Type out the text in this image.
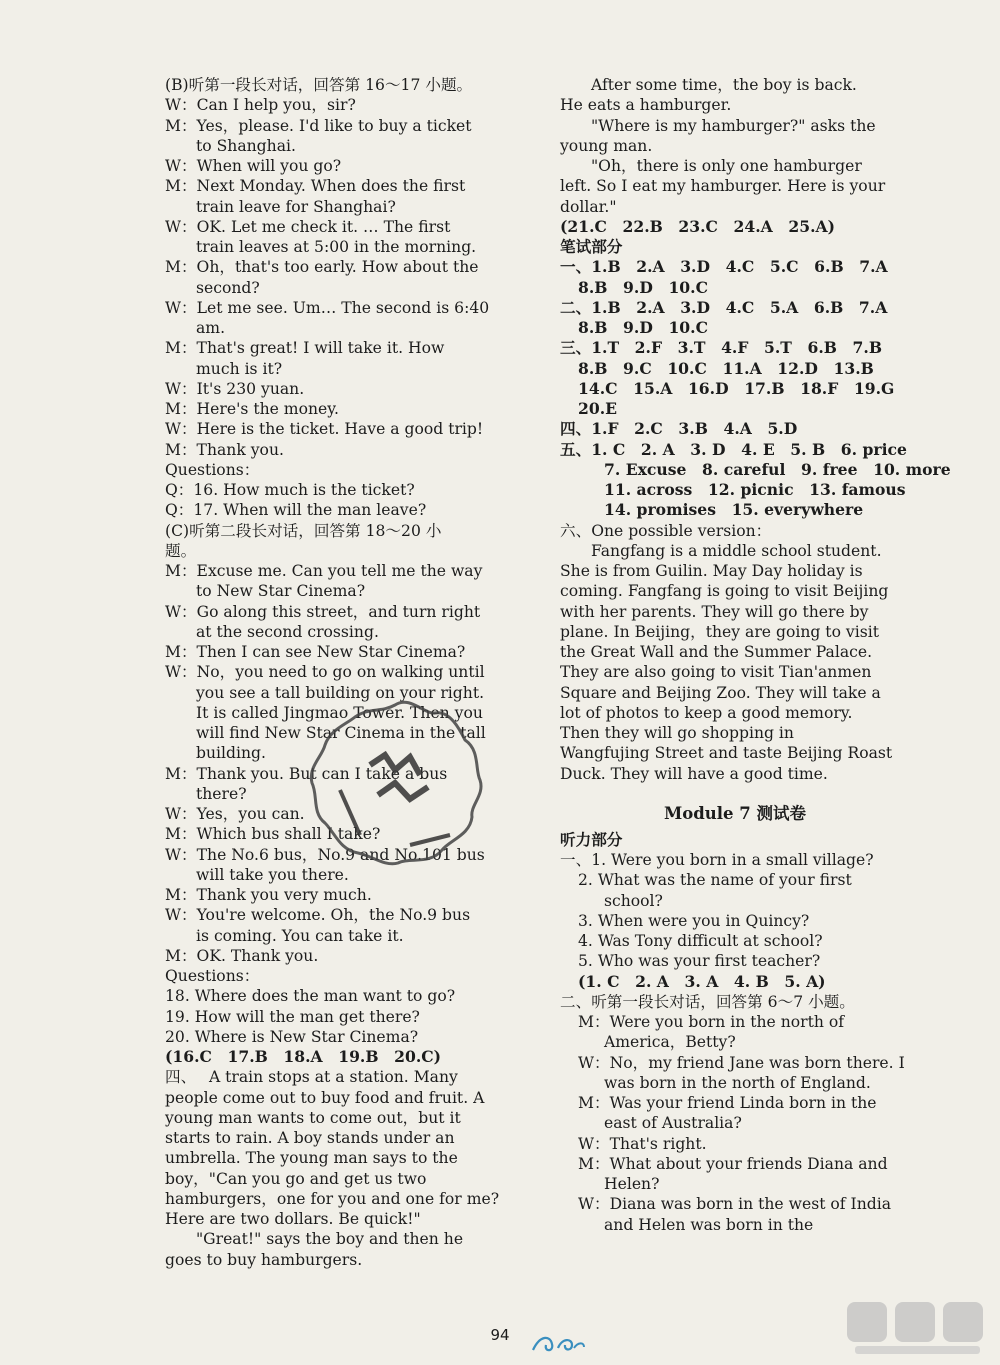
(B)听第一段长对话，回答第 16～17 小题。
W：Can I help you，sir?
M：Yes，please. I'd like to buy a ticket
to Shanghai.
W：When will you go?
M：Next Monday. When does the first
train leave for Shanghai?
W：OK. Let me check it. … The first
train leaves at 5:00 in the morning.
M：Oh，that's too early. How about the
second?
W：Let me see. Um… The second is 6:40
am.
M：That's great! I will take it. How
much is it?
W：It's 230 yuan.
M：Here's the money.
W：Here is the ticket. Have a good trip!
M：Thank you.
Questions：
Q：16. How much is the ticket?
Q：17. When will the man leave?
(C)听第二段长对话，回答第 18～20 小
题。
M：Excuse me. Can you tell me the way
to New Star Cinema?
W：Go along this street，and turn right
at the second crossing.
M：Then I can see New Star Cinema?
W：No，you need to go on walking until
you see a tall building on your right.
It is called Jingmao Tower. Then you
will find New Star Cinema in the tall
building.
M：Thank you. But can I take a bus
there?
W：Yes，you can.
M：Which bus shall I take?
W：The No.6 bus，No.9 and No.101 bus
will take you there.
M：Thank you very much.
W：You're welcome. Oh，the No.9 bus
is coming. You can take it.
M：OK. Thank you.
Questions：
18. Where does the man want to go?
19. How will the man get there?
20. Where is New Star Cinema?
(16.C　17.B　18.A　19.B　20.C)
四、　 A train stops at a station. Many
people come out to buy food and fruit. A
young man wants to come out，but it
starts to rain. A boy stands under an
umbrella. The young man says to the
boy，"Can you go and get us two
hamburgers，one for you and one for me?
Here are two dollars. Be quick!"
"Great!" says the boy and then he
goes to buy hamburgers.
After some time，the boy is back.
He eats a hamburger.
"Where is my hamburger?" asks the
young man.
"Oh，there is only one hamburger
left. So I eat my hamburger. Here is your
dollar."
(21.C　22.B　23.C　24.A　25.A)
笔试部分
一、1.B　2.A　3.D　4.C　5.C　6.B　7.A
8.B　9.D　10.C
二、1.B　2.A　3.D　4.C　5.A　6.B　7.A
8.B　9.D　10.C
三、1.T　2.F　3.T　4.F　5.T　6.B　7.B
8.B　9.C　10.C　11.A　12.D　13.B
14.C　15.A　16.D　17.B　18.F　19.G
20.E
四、1.F　2.C　3.B　4.A　5.D
五、1. C　2. A　3. D　4. E　5. B　6. price
7. Excuse　8. careful　9. free　10. more
11. across　12. picnic　13. famous
14. promises　15. everywhere
六、One possible version：
Fangfang is a middle school student.
She is from Guilin. May Day holiday is
coming. Fangfang is going to visit Beijing
with her parents. They will go there by
plane. In Beijing，they are going to visit
the Great Wall and the Summer Palace.
They are also going to visit Tian'anmen
Square and Beijing Zoo. They will take a
lot of photos to keep a good memory.
Then they will go shopping in
Wangfujing Street and taste Beijing Roast
Duck. They will have a good time.
Module 7 测试卷
听力部分
一、1. Were you born in a small village?
2. What was the name of your first
school?
3. When were you in Quincy?
4. Was Tony difficult at school?
5. Who was your first teacher?
(1. C　2. A　3. A　4. B　5. A)
二、听第一段长对话，回答第 6～7 小题。
M：Were you born in the north of
America，Betty?
W：No，my friend Jane was born there. I
was born in the north of England.
M：Was your friend Linda born in the
east of Australia?
W：That's right.
M：What about your friends Diana and
Helen?
W：Diana was born in the west of India
and Helen was born in the
94
